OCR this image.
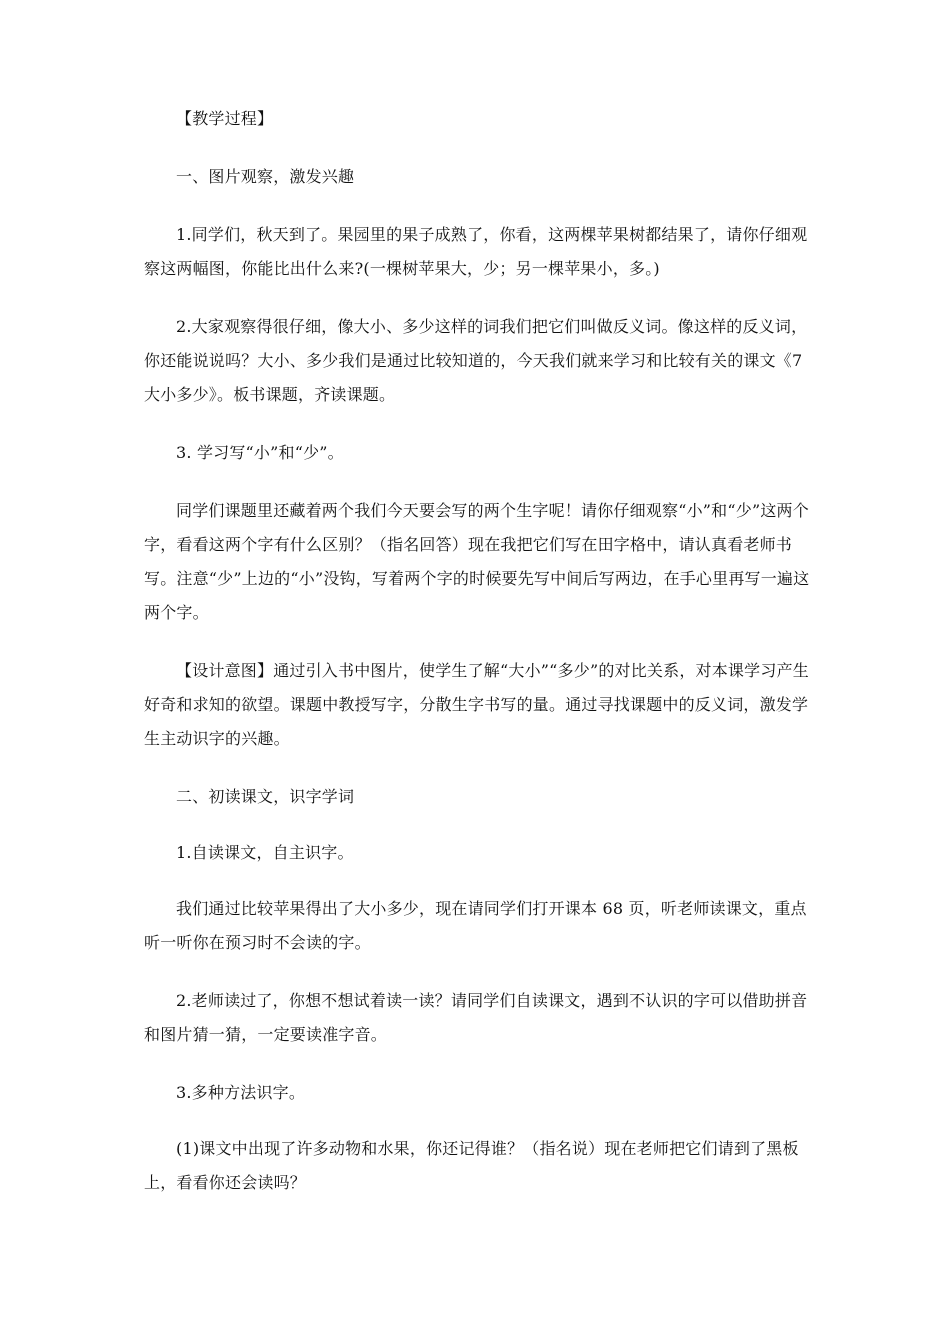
【教学过程】

一、图片观察，激发兴趣

1.同学们，秋天到了。果园里的果子成熟了，你看，这两棵苹果树都结果了，请你仔细观察这两幅图，你能比出什么来?(一棵树苹果大，少；另一棵苹果小，多。)

2.大家观察得很仔细，像大小、多少这样的词我们把它们叫做反义词。像这样的反义词，你还能说说吗？大小、多少我们是通过比较知道的，今天我们就来学习和比较有关的课文《7 大小多少》。板书课题，齐读课题。

3. 学习写“小”和“少”。

同学们课题里还藏着两个我们今天要会写的两个生字呢！请你仔细观察“小”和“少”这两个字，看看这两个字有什么区别？（指名回答）现在我把它们写在田字格中，请认真看老师书写。注意“少”上边的“小”没钩，写着两个字的时候要先写中间后写两边，在手心里再写一遍这两个字。

【设计意图】通过引入书中图片，使学生了解“大小”“多少”的对比关系，对本课学习产生好奇和求知的欲望。课题中教授写字，分散生字书写的量。通过寻找课题中的反义词，激发学生主动识字的兴趣。

二、初读课文，识字学词

1.自读课文，自主识字。

我们通过比较苹果得出了大小多少，现在请同学们打开课本 68 页，听老师读课文，重点听一听你在预习时不会读的字。

2.老师读过了，你想不想试着读一读？请同学们自读课文，遇到不认识的字可以借助拼音和图片猜一猜，一定要读准字音。

3.多种方法识字。

(1)课文中出现了许多动物和水果，你还记得谁？（指名说）现在老师把它们请到了黑板上，看看你还会读吗？
